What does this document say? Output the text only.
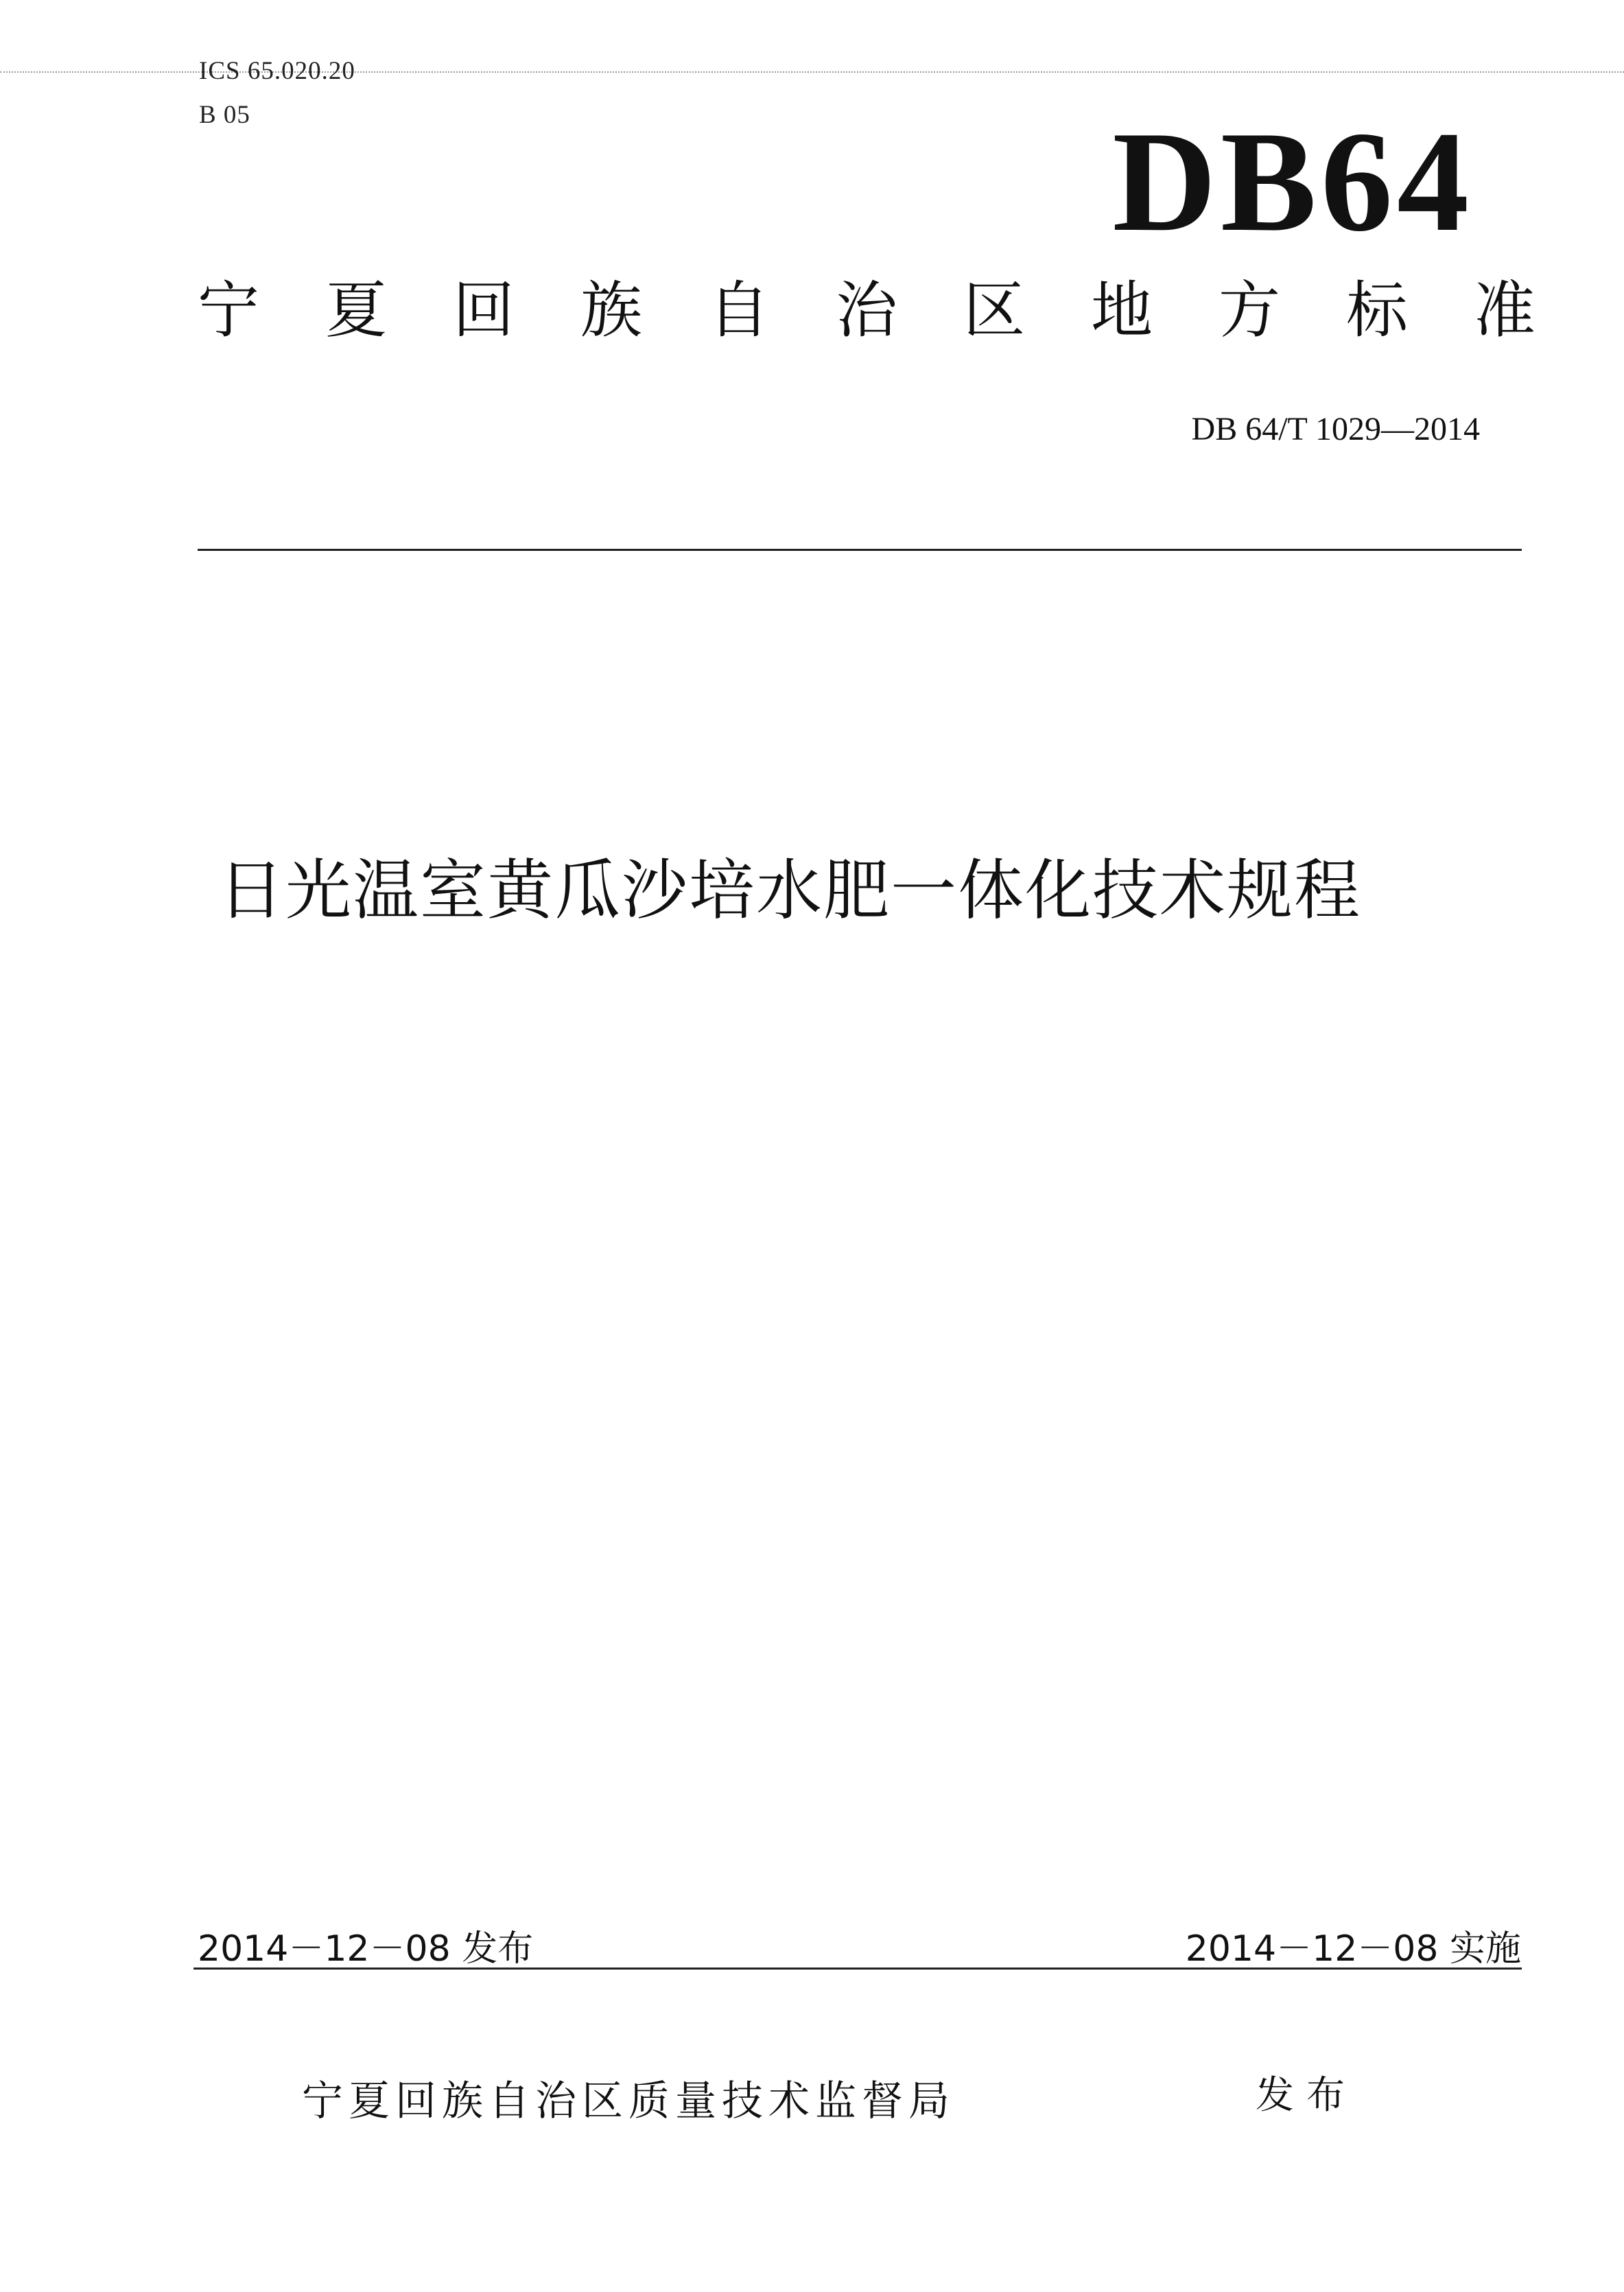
ICS 65.020.20
B 05	DB64
宁 夏 回 族 自 治 区 地 方 标 准
DB 64/T 1029—2014
日光温室黄瓜沙培水肥一体化技术规程
2014－12－08 发布	2014－12－08 实施
宁夏回族自治区质量技术监督局	发布
